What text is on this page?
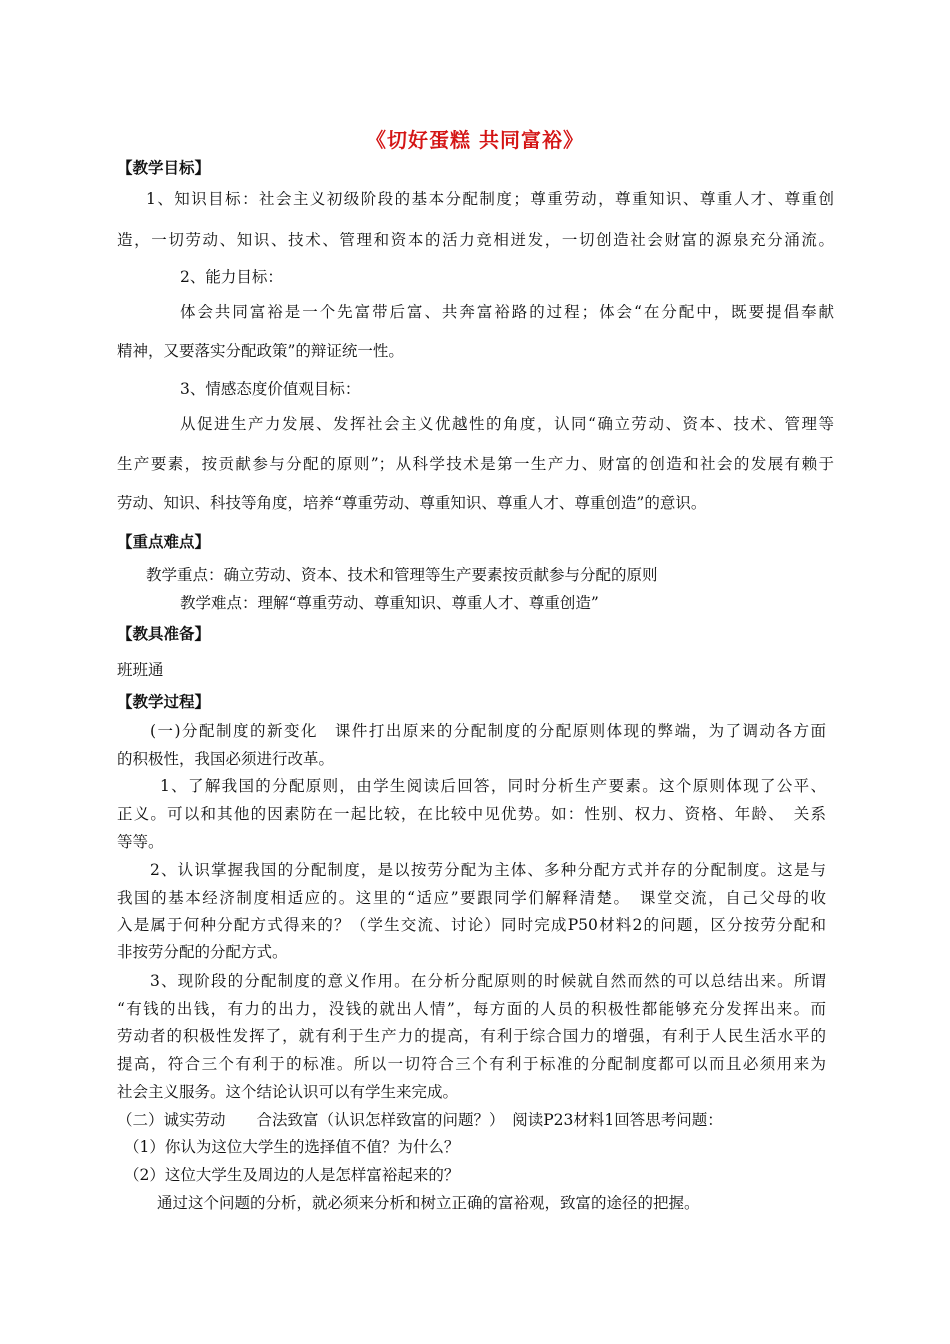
《切好蛋糕 共同富裕》
【教学目标】
1、知识目标：社会主义初级阶段的基本分配制度；尊重劳动，尊重知识、尊重人才、尊重创
造，一切劳动、知识、技术、管理和资本的活力竞相迸发，一切创造社会财富的源泉充分涌流。
2、能力目标：
体会共同富裕是一个先富带后富、共奔富裕路的过程；体会“在分配中，既要提倡奉献
精神，又要落实分配政策”的辩证统一性。
3、情感态度价值观目标：
从促进生产力发展、发挥社会主义优越性的角度，认同“确立劳动、资本、技术、管理等
生产要素，按贡献参与分配的原则”；从科学技术是第一生产力、财富的创造和社会的发展有赖于
劳动、知识、科技等角度，培养“尊重劳动、尊重知识、尊重人才、尊重创造”的意识。
【重点难点】
教学重点：确立劳动、资本、技术和管理等生产要素按贡献参与分配的原则
教学难点：理解“尊重劳动、尊重知识、尊重人才、尊重创造”
【教具准备】
班班通
【教学过程】
(一)分配制度的新变化　课件打出原来的分配制度的分配原则体现的弊端，为了调动各方面
的积极性，我国必须进行改革。
1、了解我国的分配原则，由学生阅读后回答，同时分析生产要素。这个原则体现了公平、
正义。可以和其他的因素防在一起比较，在比较中见优势。如：性别、权力、资格、年龄、　关系
等等。
2、认识掌握我国的分配制度，是以按劳分配为主体、多种分配方式并存的分配制度。这是与
我国的基本经济制度相适应的。这里的“适应”要跟同学们解释清楚。　课堂交流，自己父母的收
入是属于何种分配方式得来的？（学生交流、讨论）同时完成P50材料2的问题，区分按劳分配和
非按劳分配的分配方式。
3、现阶段的分配制度的意义作用。在分析分配原则的时候就自然而然的可以总结出来。所谓
“有钱的出钱，有力的出力，没钱的就出人情”，每方面的人员的积极性都能够充分发挥出来。而
劳动者的积极性发挥了，就有利于生产力的提高，有利于综合国力的增强，有利于人民生活水平的
提高，符合三个有利于的标准。所以一切符合三个有利于标准的分配制度都可以而且必须用来为
社会主义服务。这个结论认识可以有学生来完成。
（二）诚实劳动　　合法致富（认识怎样致富的问题？）　阅读P23材料1回答思考问题：
（1）你认为这位大学生的选择值不值？为什么？
（2）这位大学生及周边的人是怎样富裕起来的？
通过这个问题的分析，就必须来分析和树立正确的富裕观，致富的途径的把握。
